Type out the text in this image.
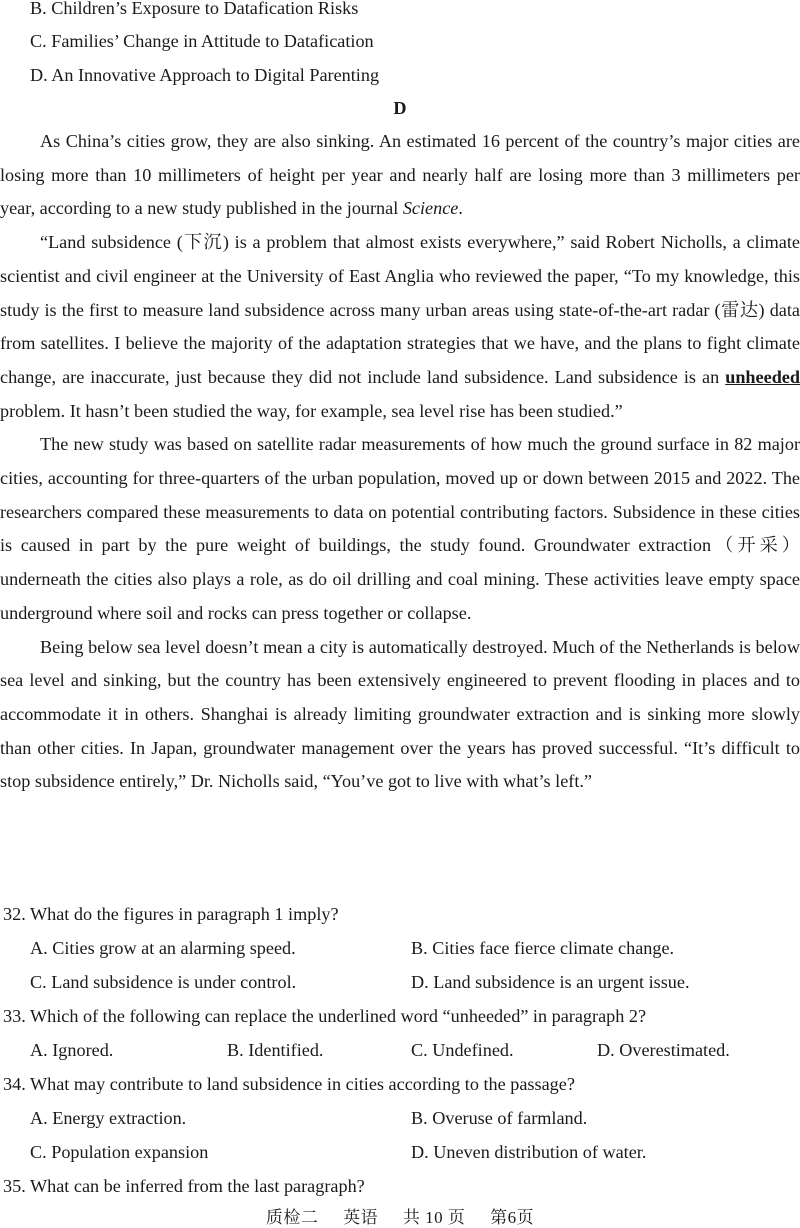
B. Children’s Exposure to Datafication Risks
C. Families’ Change in Attitude to Datafication
D. An Innovative Approach to Digital Parenting
D

As China’s cities grow, they are also sinking. An estimated 16 percent of the country’s major cities are losing more than 10 millimeters of height per year and nearly half are losing more than 3 millimeters per year, according to a new study published in the journal Science.

“Land subsidence (下沉) is a problem that almost exists everywhere,” said Robert Nicholls, a climate scientist and civil engineer at the University of East Anglia who reviewed the paper, “To my knowledge, this study is the first to measure land subsidence across many urban areas using state-of-the-art radar (雷达) data from satellites. I believe the majority of the adaptation strategies that we have, and the plans to fight climate change, are inaccurate, just because they did not include land subsidence. Land subsidence is an unheeded problem. It hasn’t been studied the way, for example, sea level rise has been studied.”

The new study was based on satellite radar measurements of how much the ground surface in 82 major cities, accounting for three-quarters of the urban population, moved up or down between 2015 and 2022. The researchers compared these measurements to data on potential contributing factors. Subsidence in these cities is caused in part by the pure weight of buildings, the study found. Groundwater extraction（开采）underneath the cities also plays a role, as do oil drilling and coal mining. These activities leave empty space underground where soil and rocks can press together or collapse.

Being below sea level doesn’t mean a city is automatically destroyed. Much of the Netherlands is below sea level and sinking, but the country has been extensively engineered to prevent flooding in places and to accommodate it in others. Shanghai is already limiting groundwater extraction and is sinking more slowly than other cities. In Japan, groundwater management over the years has proved successful. “It’s difficult to stop subsidence entirely,” Dr. Nicholls said, “You’ve got to live with what’s left.”

32. What do the figures in paragraph 1 imply?
A. Cities grow at an alarming speed.	B. Cities face fierce climate change.
C. Land subsidence is under control.	D. Land subsidence is an urgent issue.
33. Which of the following can replace the underlined word “unheeded” in paragraph 2?
A. Ignored.	B. Identified.	C. Undefined.	D. Overestimated.
34. What may contribute to land subsidence in cities according to the passage?
A. Energy extraction.	B. Overuse of farmland.
C. Population expansion	D. Uneven distribution of water.
35. What can be inferred from the last paragraph?
质检二 英语 共 10 页 第6页
